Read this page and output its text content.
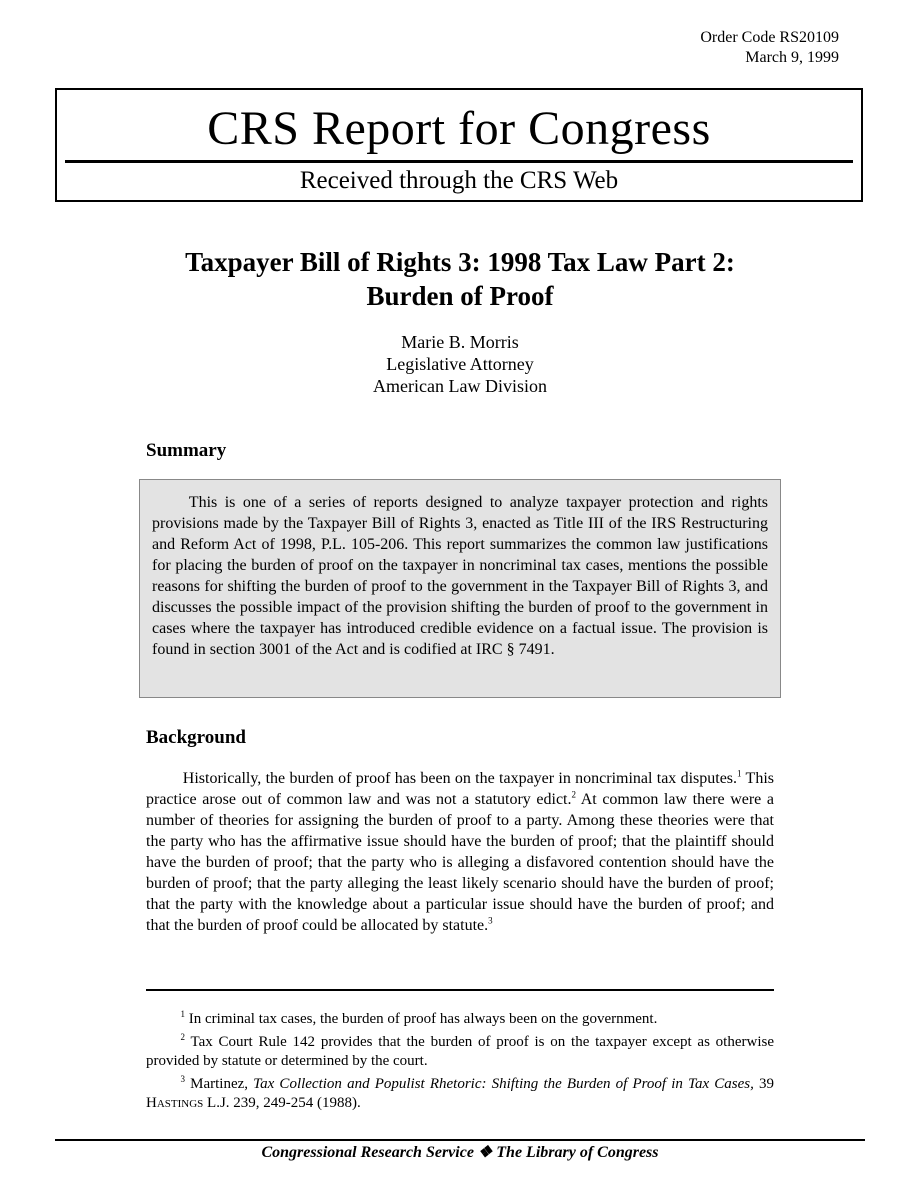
Order Code RS20109
March 9, 1999
CRS Report for Congress
Received through the CRS Web
Taxpayer Bill of Rights 3: 1998 Tax Law Part 2:
Burden of Proof
Marie B. Morris
Legislative Attorney
American Law Division
Summary

This is one of a series of reports designed to analyze taxpayer protection and rights provisions made by the Taxpayer Bill of Rights 3, enacted as Title III of the IRS Restructuring and Reform Act of 1998, P.L. 105-206. This report summarizes the common law justifications for placing the burden of proof on the taxpayer in noncriminal tax cases, mentions the possible reasons for shifting the burden of proof to the government in the Taxpayer Bill of Rights 3, and discusses the possible impact of the provision shifting the burden of proof to the government in cases where the taxpayer has introduced credible evidence on a factual issue. The provision is found in section 3001 of the Act and is codified at IRC § 7491.

Background

Historically, the burden of proof has been on the taxpayer in noncriminal tax disputes.$^1$ This practice arose out of common law and was not a statutory edict.$^2$ At common law there were a number of theories for assigning the burden of proof to a party. Among these theories were that the party who has the affirmative issue should have the burden of proof; that the plaintiff should have the burden of proof; that the party who is alleging a disfavored contention should have the burden of proof; that the party alleging the least likely scenario should have the burden of proof; that the party with the knowledge about a particular issue should have the burden of proof; and that the burden of proof could be allocated by statute.$^3$

$^1$ In criminal tax cases, the burden of proof has always been on the government.

$^2$ Tax Court Rule 142 provides that the burden of proof is on the taxpayer except as otherwise provided by statute or determined by the court.

$^3$ Martinez, Tax Collection and Populist Rhetoric: Shifting the Burden of Proof in Tax Cases, 39 Hastings L.J. 239, 249-254 (1988).

Congressional Research Service ❖ The Library of Congress
